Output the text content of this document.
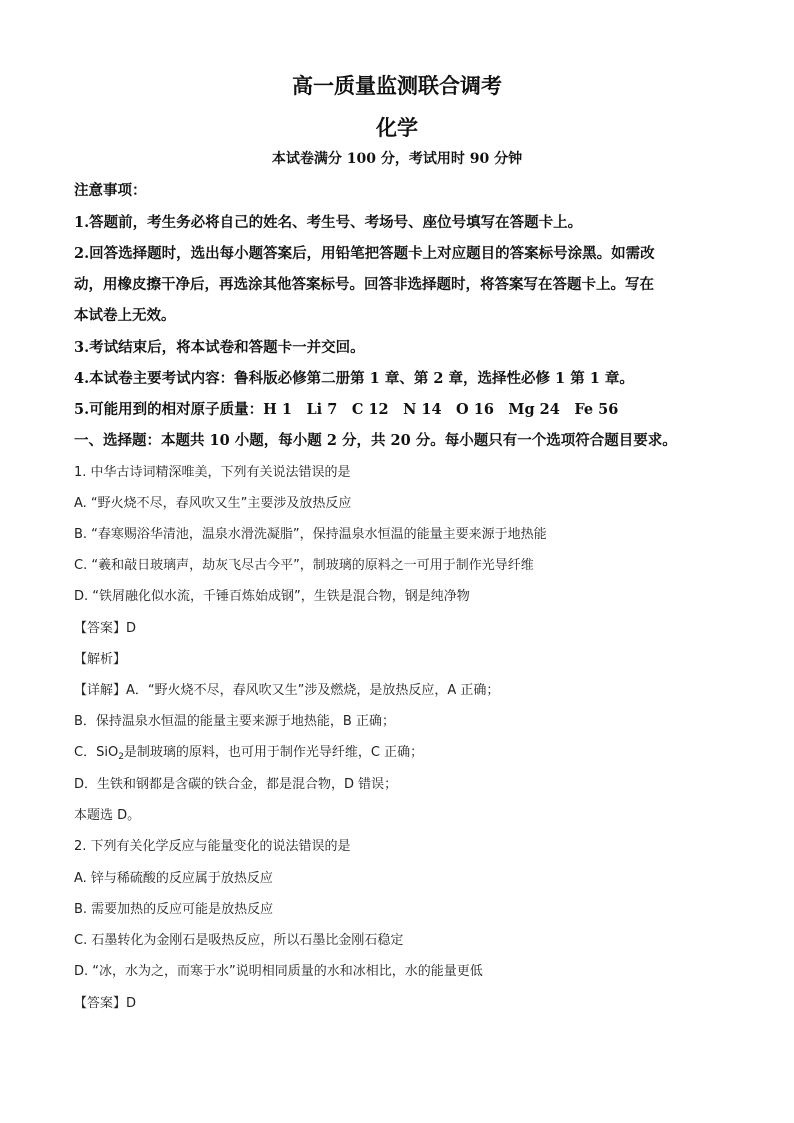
高一质量监测联合调考
化学
本试卷满分 100 分，考试用时 90 分钟
注意事项：
1.答题前，考生务必将自己的姓名、考生号、考场号、座位号填写在答题卡上。
2.回答选择题时，选出每小题答案后，用铅笔把答题卡上对应题目的答案标号涂黑。如需改
动，用橡皮擦干净后，再选涂其他答案标号。回答非选择题时，将答案写在答题卡上。写在
本试卷上无效。
3.考试结束后，将本试卷和答题卡一并交回。
4.本试卷主要考试内容：鲁科版必修第二册第 1 章、第 2 章，选择性必修 1 第 1 章。
5.可能用到的相对原子质量：H 1　Li 7　C 12　N 14　O 16　Mg 24　Fe 56
一、选择题：本题共 10 小题，每小题 2 分，共 20 分。每小题只有一个选项符合题目要求。
1. 中华古诗词精深唯美，下列有关说法错误的是
A. “野火烧不尽，春风吹又生”主要涉及放热反应
B. “春寒赐浴华清池，温泉水滑洗凝脂”，保持温泉水恒温的能量主要来源于地热能
C. “羲和敲日玻璃声，劫灰飞尽古今平”，制玻璃的原料之一可用于制作光导纤维
D. “铁屑融化似水流，千锤百炼始成钢”，生铁是混合物，钢是纯净物
【答案】D
【解析】
【详解】A．“野火烧不尽，春风吹又生”涉及燃烧，是放热反应，A 正确；
B．保持温泉水恒温的能量主要来源于地热能，B 正确；
C．SiO$_2$是制玻璃的原料，也可用于制作光导纤维，C 正确；
D．生铁和钢都是含碳的铁合金，都是混合物，D 错误；
本题选 D。
2. 下列有关化学反应与能量变化的说法错误的是
A. 锌与稀硫酸的反应属于放热反应
B. 需要加热的反应可能是放热反应
C. 石墨转化为金刚石是吸热反应，所以石墨比金刚石稳定
D. “冰，水为之，而寒于水”说明相同质量的水和冰相比，水的能量更低
【答案】D
